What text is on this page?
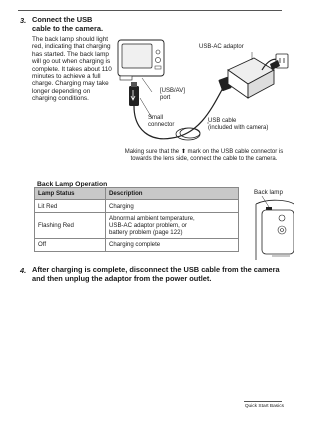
3. Connect the USB cable to the camera.
The back lamp should light red, indicating that charging has started. The back lamp will go out when charging is complete. It takes about 110 minutes to achieve a full charge. Charging may take longer depending on charging conditions.
USB-AC adaptor
[USB/AV]
port
Small
connector
USB cable
(included with camera)
Making sure that the ⬆ mark on the USB cable connector is towards the lens side, connect the cable to the camera.
Back Lamp Operation
Lamp Status	Description
Lit Red	Charging
Flashing Red	Abnormal ambient temperature,
USB-AC adaptor problem, or
battery problem (page 122)
Off	Charging complete
Back lamp
4. After charging is complete, disconnect the USB cable from the camera and then unplug the adaptor from the power outlet.
Quick Start Basics
